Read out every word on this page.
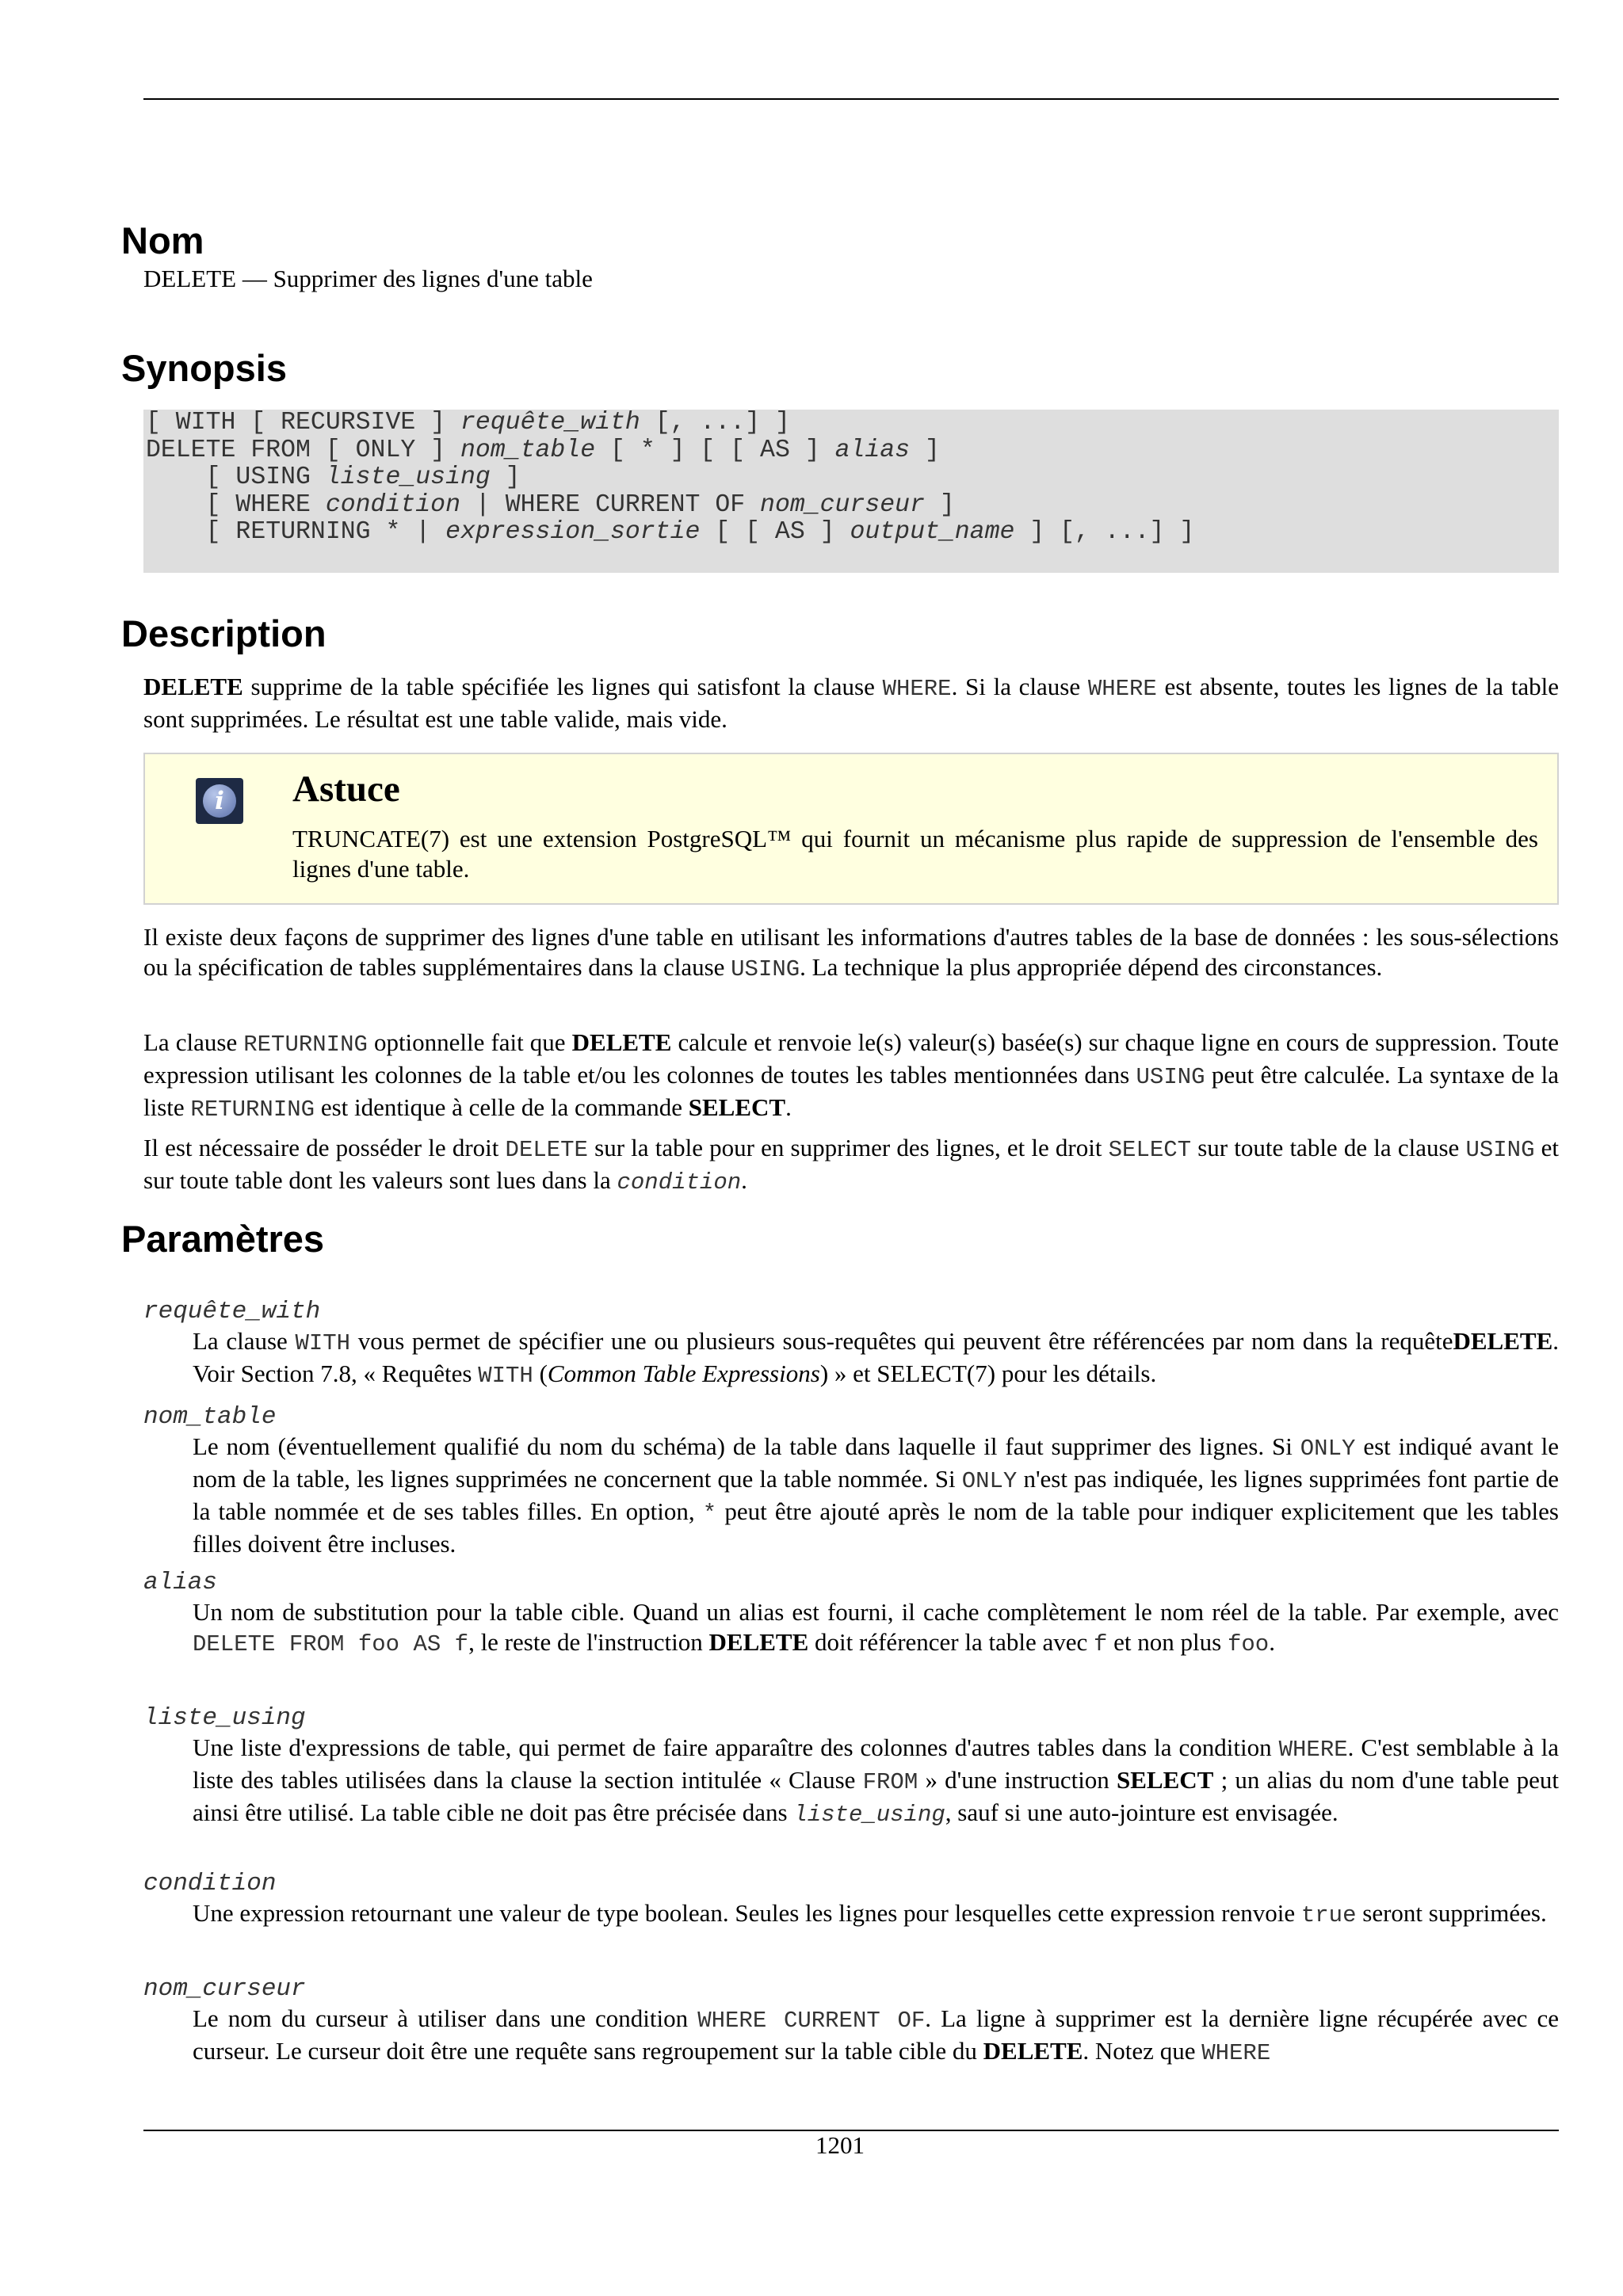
Nom

DELETE — Supprimer des lignes d'une table

Synopsis
[ WITH [ RECURSIVE ] requête_with [, ...] ]
DELETE FROM [ ONLY ] nom_table [ * ] [ [ AS ] alias ]
[ USING liste_using ]
[ WHERE condition | WHERE CURRENT OF nom_curseur ]
[ RETURNING * | expression_sortie [ [ AS ] output_name ] [, ...] ]
Description

DELETE supprime de la table spécifiée les lignes qui satisfont la clause WHERE. Si la clause WHERE est absente, toutes les lignes de la table sont supprimées. Le résultat est une table valide, mais vide.

i	Astuce

TRUNCATE(7) est une extension PostgreSQL™ qui fournit un mécanisme plus rapide de suppression de l'ensemble des lignes d'une table.

Il existe deux façons de supprimer des lignes d'une table en utilisant les informations d'autres tables de la base de données : les sous-sélections ou la spécification de tables supplémentaires dans la clause USING. La technique la plus appropriée dépend des circonstances.

La clause RETURNING optionnelle fait que DELETE calcule et renvoie le(s) valeur(s) basée(s) sur chaque ligne en cours de suppression. Toute expression utilisant les colonnes de la table et/ou les colonnes de toutes les tables mentionnées dans USING peut être calculée. La syntaxe de la liste RETURNING est identique à celle de la commande SELECT.

Il est nécessaire de posséder le droit DELETE sur la table pour en supprimer des lignes, et le droit SELECT sur toute table de la clause USING et sur toute table dont les valeurs sont lues dans la condition.

Paramètres

requête_with

La clause WITH vous permet de spécifier une ou plusieurs sous-requêtes qui peuvent être référencées par nom dans la requêteDELETE. Voir Section 7.8, « Requêtes WITH (Common Table Expressions) » et SELECT(7) pour les détails.

nom_table

Le nom (éventuellement qualifié du nom du schéma) de la table dans laquelle il faut supprimer des lignes. Si ONLY est indiqué avant le nom de la table, les lignes supprimées ne concernent que la table nommée. Si ONLY n'est pas indiquée, les lignes supprimées font partie de la table nommée et de ses tables filles. En option, * peut être ajouté après le nom de la table pour indiquer explicitement que les tables filles doivent être incluses.

alias

Un nom de substitution pour la table cible. Quand un alias est fourni, il cache complètement le nom réel de la table. Par exemple, avec DELETE FROM foo AS f, le reste de l'instruction DELETE doit référencer la table avec f et non plus foo.

liste_using

Une liste d'expressions de table, qui permet de faire apparaître des colonnes d'autres tables dans la condition WHERE. C'est semblable à la liste des tables utilisées dans la clause la section intitulée « Clause FROM » d'une instruction SELECT ; un alias du nom d'une table peut ainsi être utilisé. La table cible ne doit pas être précisée dans liste_using, sauf si une auto-jointure est envisagée.

condition

Une expression retournant une valeur de type boolean. Seules les lignes pour lesquelles cette expression renvoie true seront supprimées.

nom_curseur

Le nom du curseur à utiliser dans une condition WHERE CURRENT OF. La ligne à supprimer est la dernière ligne récupérée avec ce curseur. Le curseur doit être une requête sans regroupement sur la table cible du DELETE. Notez que WHERE

1201
